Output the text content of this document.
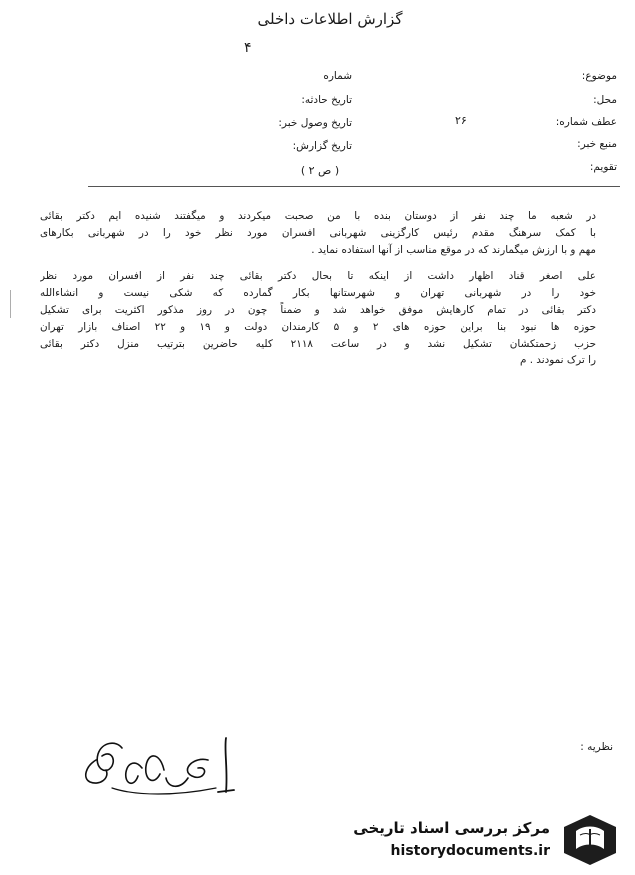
گزارش اطلاعات داخلی
۴
موضوع:
محل:
عطف شماره:
منبع خبر:
تقویم:
شماره
تاریخ حادثه:
تاریخ وصول خبر:
تاریخ گزارش:
۲۶
( ص ۲ )
در شعبه ما چند نفر از دوستان بنده با من صحبت میکردند و میگفتند شنیده ایم دکتر بقائی
با کمک سرهنگ مقدم رئیس کارگزینی شهربانی افسران مورد نظر خود را در شهربانی بکارهای
مهم و با ارزش میگمارند که در موقع مناسب از آنها استفاده نماید .
علی اصغر قناد اظهار داشت از اینکه تا بحال دکتر بقائی چند نفر از افسران مورد نظر
خود را در شهربانی تهران و شهرستانها بکار گمارده که شکی نیست و انشاءالله
دکتر بقائی در تمام کارهایش موفق خواهد شد و ضمناً چون در روز مذکور اکثریت برای تشکیل
حوزه ها نبود بنا براین حوزه های ۲ و ۵ کارمندان دولت و ۱۹ و ۲۲ اصناف بازار تهران
حزب زحمتکشان تشکیل نشد و در ساعت ۲۱۱۸ کلیه حاضرین بترتیب منزل دکتر بقائی
را ترک نمودند . م
نظریه :
مرکز بررسی اسناد تاریخی
historydocuments.ir
